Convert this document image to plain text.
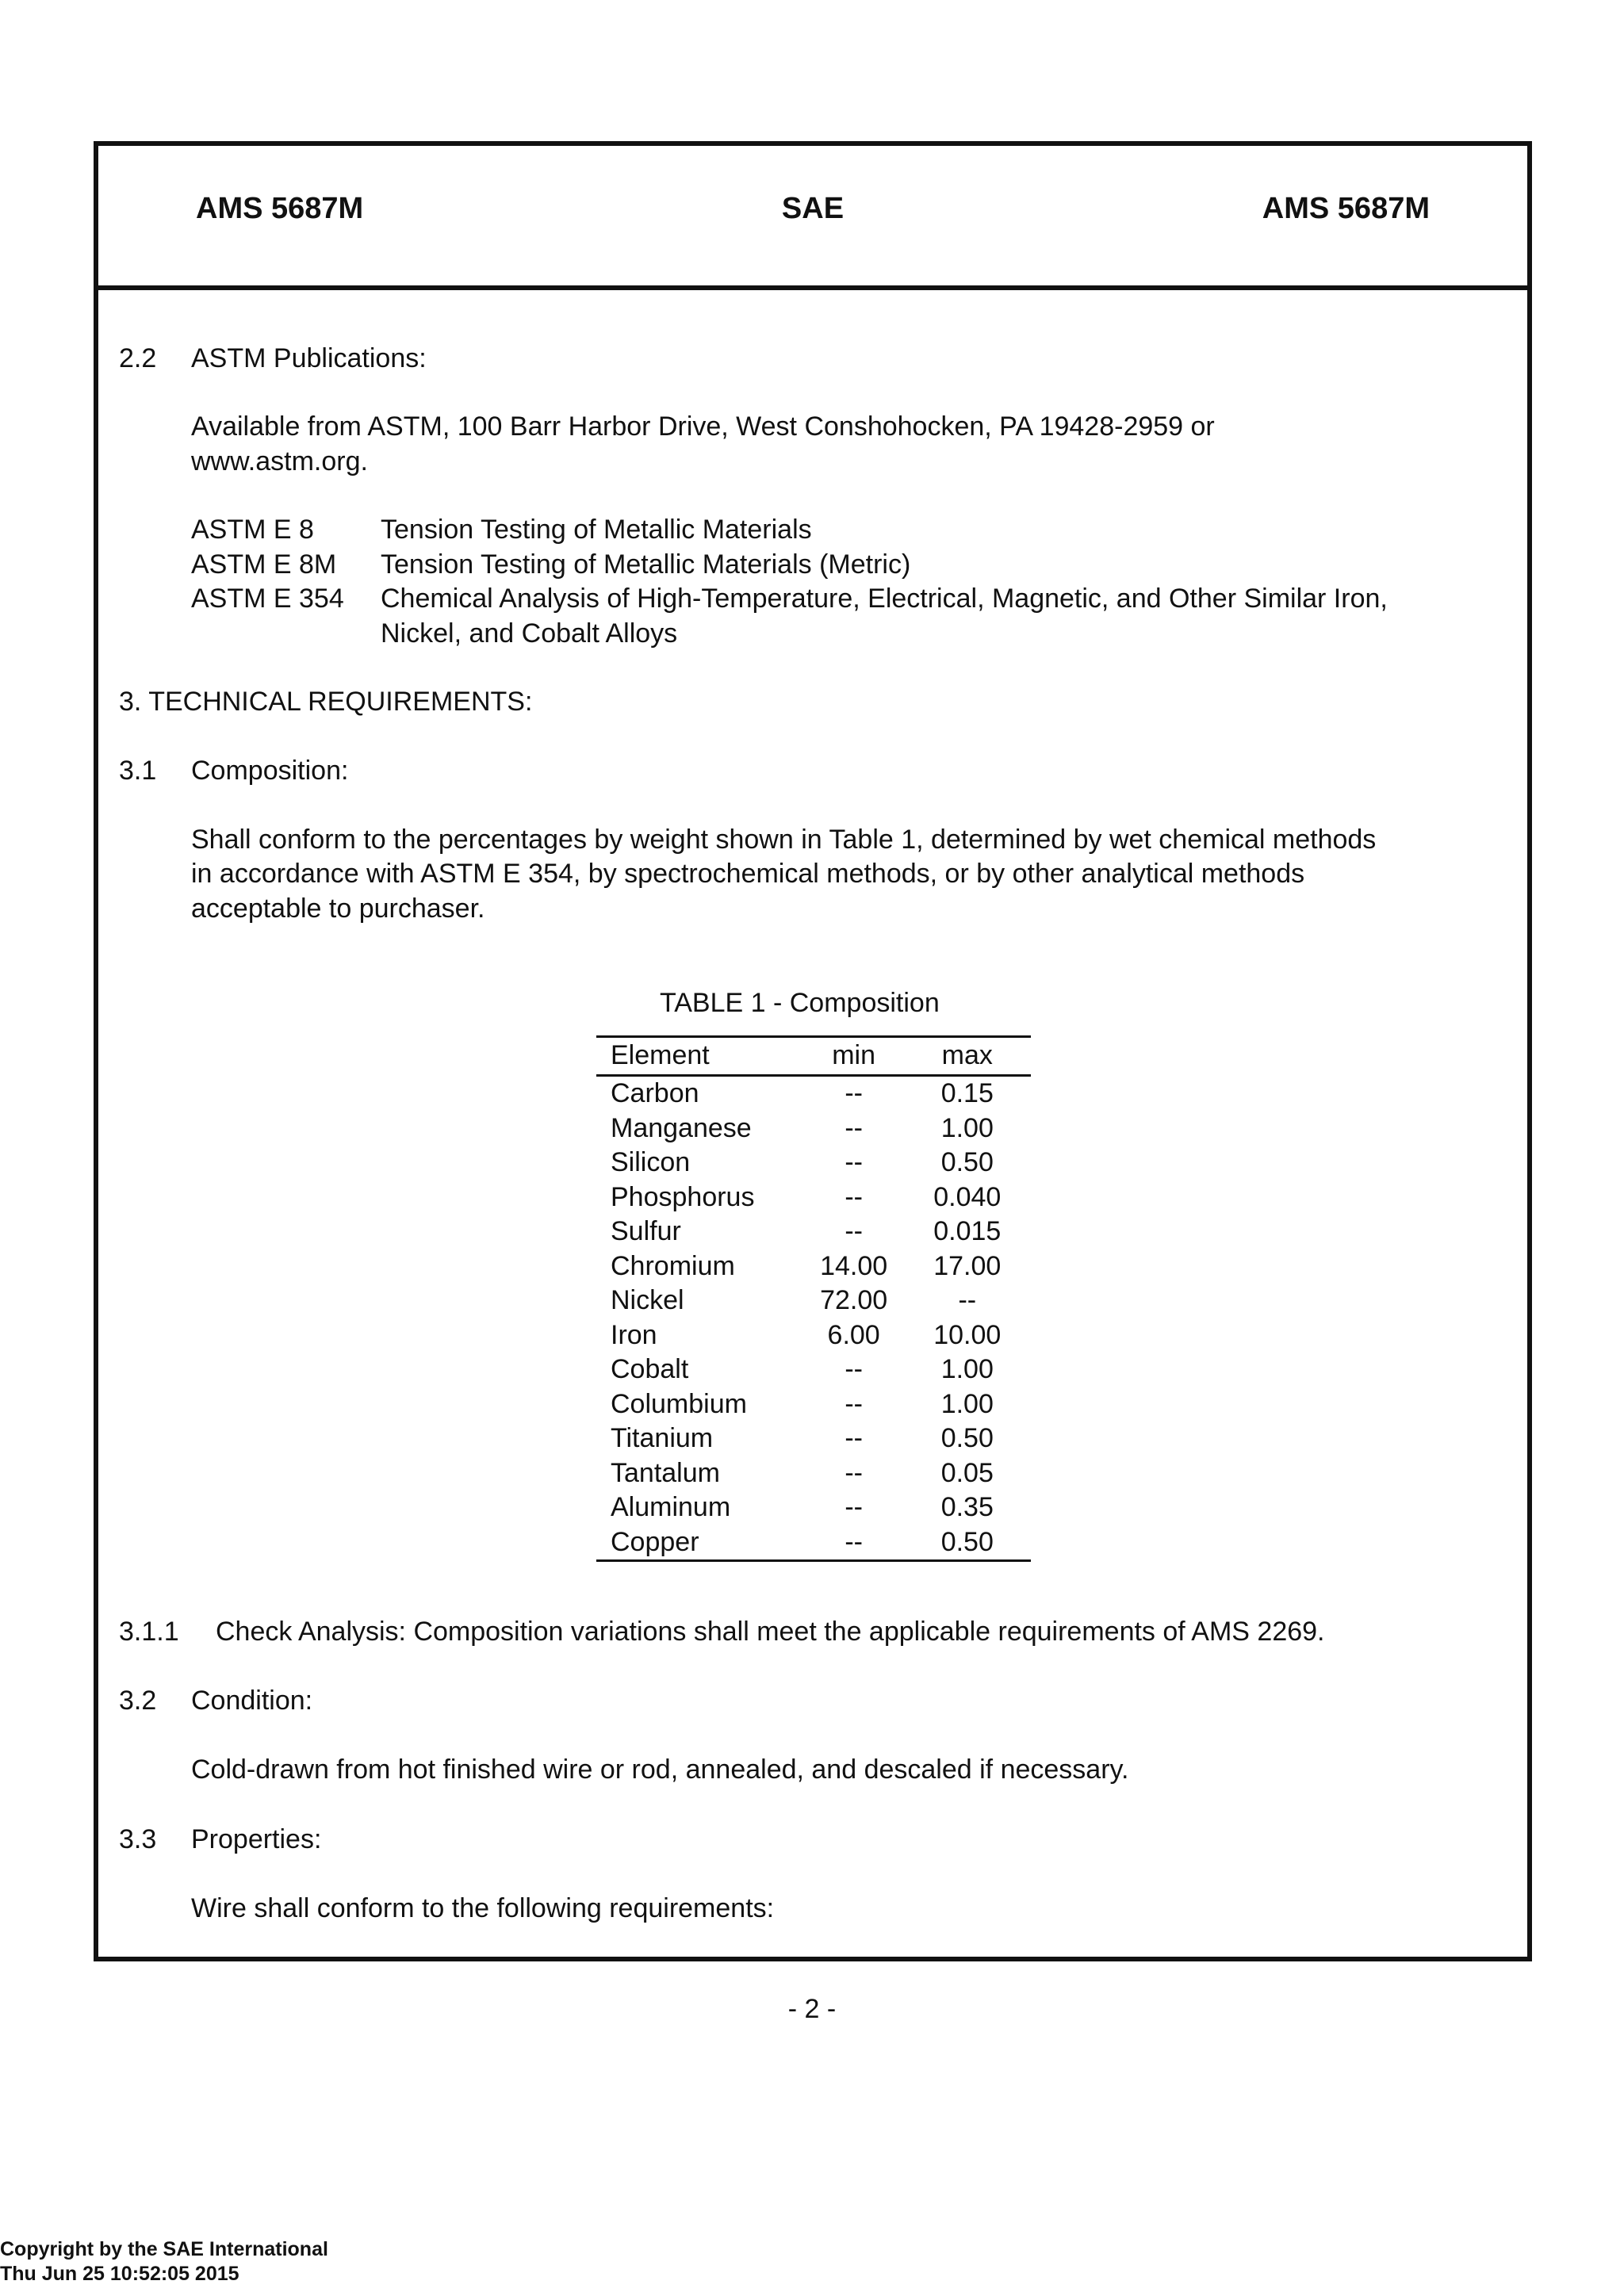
AMS 5687M	SAE	AMS 5687M
2.2 ASTM Publications:
Available from ASTM, 100 Barr Harbor Drive, West Conshohocken, PA 19428-2959 or
www.astm.org.
ASTM E 8 Tension Testing of Metallic Materials
ASTM E 8M Tension Testing of Metallic Materials (Metric)
ASTM E 354 Chemical Analysis of High-Temperature, Electrical, Magnetic, and Other Similar Iron,
Nickel, and Cobalt Alloys
3. TECHNICAL REQUIREMENTS:
3.1 Composition:
Shall conform to the percentages by weight shown in Table 1, determined by wet chemical methods
in accordance with ASTM E 354, by spectrochemical methods, or by other analytical methods
acceptable to purchaser.
TABLE 1 - Composition
Element	min	max
Carbon	--	0.15
Manganese	--	1.00
Silicon	--	0.50
Phosphorus	--	0.040
Sulfur	--	0.015
Chromium	14.00	17.00
Nickel	72.00	--
Iron	6.00	10.00
Cobalt	--	1.00
Columbium	--	1.00
Titanium	--	0.50
Tantalum	--	0.05
Aluminum	--	0.35
Copper	--	0.50
3.1.1 Check Analysis: Composition variations shall meet the applicable requirements of AMS 2269.
3.2 Condition:
Cold-drawn from hot finished wire or rod, annealed, and descaled if necessary.
3.3 Properties:
Wire shall conform to the following requirements:
- 2 -
Copyright by the SAE International
Thu Jun 25 10:52:05 2015
